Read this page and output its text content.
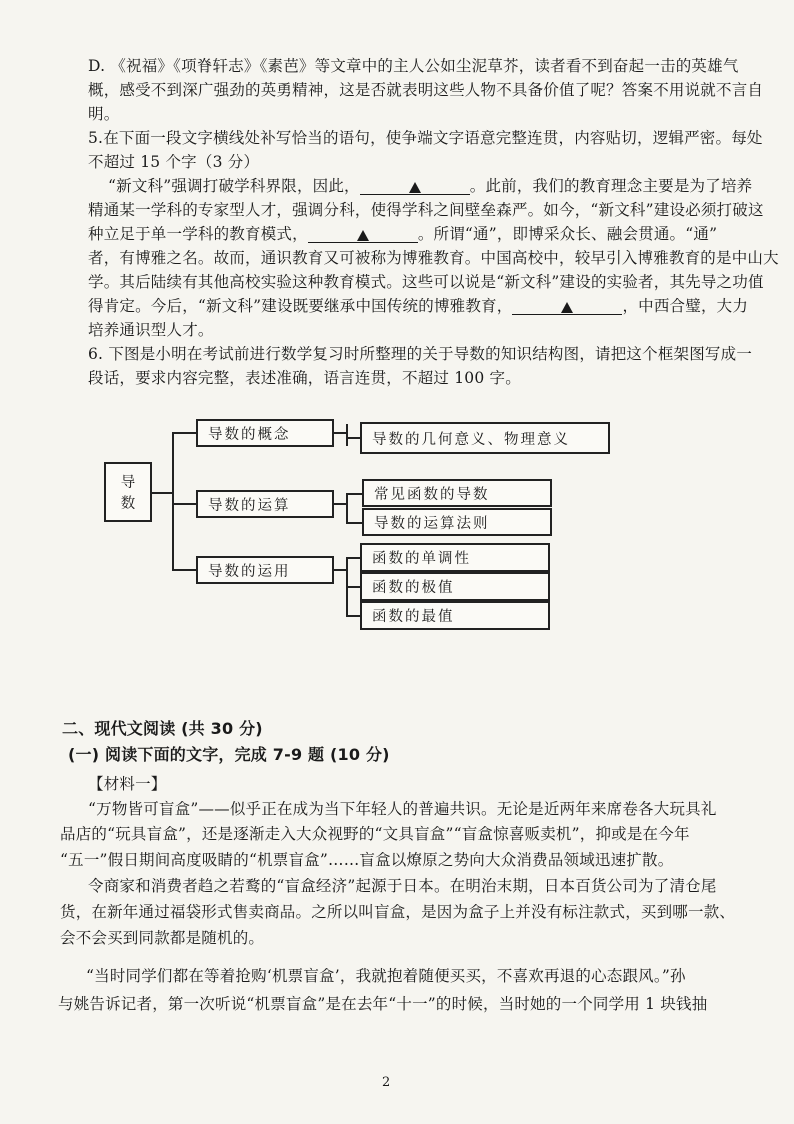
D. 《祝福》《项脊轩志》《素芭》等文章中的主人公如尘泥草芥，读者看不到奋起一击的英雄气
概，感受不到深广强劲的英勇精神，这是否就表明这些人物不具备价值了呢？答案不用说就不言自
明。
5.在下面一段文字横线处补写恰当的语句，使争端文字语意完整连贯，内容贴切，逻辑严密。每处
不超过 15 个字（3 分）
“新文科”强调打破学科界限，因此，	。此前，我们的教育理念主要是为了培养
精通某一学科的专家型人才，强调分科，使得学科之间壁垒森严。如今，“新文科”建设必须打破这
种立足于单一学科的教育模式，	。所谓“通”，即博采众长、融会贯通。“通”
者，有博雅之名。故而，通识教育又可被称为博雅教育。中国高校中，较早引入博雅教育的是中山大
学。其后陆续有其他高校实验这种教育模式。这些可以说是“新文科”建设的实验者，其先导之功值
得肯定。今后，“新文科”建设既要继承中国传统的博雅教育，	，中西合璧，大力
培养通识型人才。
6. 下图是小明在考试前进行数学复习时所整理的关于导数的知识结构图，请把这个框架图写成一
段话，要求内容完整，表述准确，语言连贯，不超过 100 字。
导
数
导数的概念
导数的运算
导数的运用
导数的几何意义、物理意义
常见函数的导数
导数的运算法则
函数的单调性
函数的极值
函数的最值
二、现代文阅读 (共 30 分)
(一) 阅读下面的文字，完成 7-9 题 (10 分)
【材料一】
“万物皆可盲盒”——似乎正在成为当下年轻人的普遍共识。无论是近两年来席卷各大玩具礼
品店的“玩具盲盒”，还是逐渐走入大众视野的“文具盲盒”“盲盒惊喜贩卖机”，抑或是在今年
“五一”假日期间高度吸睛的“机票盲盒”……盲盒以燎原之势向大众消费品领域迅速扩散。
令商家和消费者趋之若鹜的“盲盒经济”起源于日本。在明治末期，日本百货公司为了清仓尾
货，在新年通过福袋形式售卖商品。之所以叫盲盒，是因为盒子上并没有标注款式，买到哪一款、
会不会买到同款都是随机的。
“当时同学们都在等着抢购‘机票盲盒’，我就抱着随便买买，不喜欢再退的心态跟风。”孙
与姚告诉记者，第一次听说“机票盲盒”是在去年“十一”的时候，当时她的一个同学用 1 块钱抽
2
